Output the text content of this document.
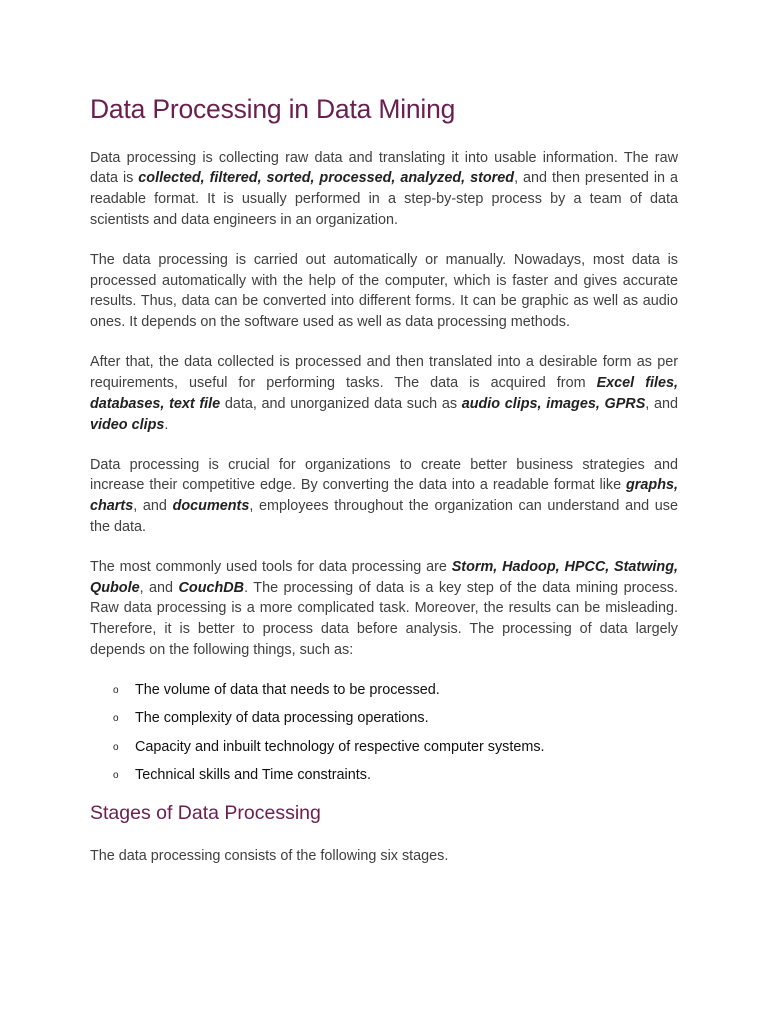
Data Processing in Data Mining

Data processing is collecting raw data and translating it into usable information. The raw data is collected, filtered, sorted, processed, analyzed, stored, and then presented in a readable format. It is usually performed in a step-by-step process by a team of data scientists and data engineers in an organization.

The data processing is carried out automatically or manually. Nowadays, most data is processed automatically with the help of the computer, which is faster and gives accurate results. Thus, data can be converted into different forms. It can be graphic as well as audio ones. It depends on the software used as well as data processing methods.

After that, the data collected is processed and then translated into a desirable form as per requirements, useful for performing tasks. The data is acquired from Excel files, databases, text file data, and unorganized data such as audio clips, images, GPRS, and video clips.

Data processing is crucial for organizations to create better business strategies and increase their competitive edge. By converting the data into a readable format like graphs, charts, and documents, employees throughout the organization can understand and use the data.

The most commonly used tools for data processing are Storm, Hadoop, HPCC, Statwing, Qubole, and CouchDB. The processing of data is a key step of the data mining process. Raw data processing is a more complicated task. Moreover, the results can be misleading. Therefore, it is better to process data before analysis. The processing of data largely depends on the following things, such as:

o The volume of data that needs to be processed.
o The complexity of data processing operations.
o Capacity and inbuilt technology of respective computer systems.
o Technical skills and Time constraints.
Stages of Data Processing

The data processing consists of the following six stages.
